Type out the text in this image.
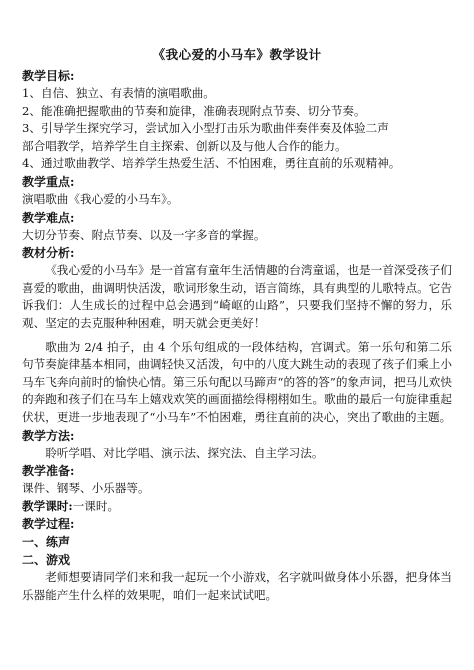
《我心爱的小马车》教学设计
教学目标:
1、自信、独立、有表情的演唱歌曲。
2、能准确把握歌曲的节奏和旋律，准确表现附点节奏、切分节奏。
3、引导学生探究学习，尝试加入小型打击乐为歌曲伴奏伴奏及体验二声
部合唱教学，培养学生自主探索、创新以及与他人合作的能力。
4、通过歌曲教学、培养学生热爱生活、不怕困难，勇往直前的乐观精神。
教学重点:
演唱歌曲《我心爱的小马车》。
教学难点:
大切分节奏、附点节奏、以及一字多音的掌握。
教材分析:
《我心爱的小马车》是一首富有童年生活情趣的台湾童谣，也是一首深受孩子们喜爱的歌曲，曲调明快活泼，歌词形象生动，语言简练，具有典型的儿歌特点。它告诉我们：人生成长的过程中总会遇到“崎岖的山路”，只要我们坚持不懈的努力，乐观、坚定的去克服种种困难，明天就会更美好！
歌曲为 2/4 拍子，由 4 个乐句组成的一段体结构，宫调式。第一乐句和第二乐句节奏旋律基本相同，曲调轻快又活泼，句中的八度大跳生动的表现了孩子们乘上小马车飞奔向前时的愉快心情。第三乐句配以马蹄声“的答的答”的象声词，把马儿欢快的奔跑和孩子们在马车上嬉戏欢笑的画面描绘得栩栩如生。歌曲的最后一句旋律重起伏状，更进一步地表现了“小马车”不怕困难，勇往直前的决心，突出了歌曲的主题。
教学方法:
聆听学唱、对比学唱、演示法、探究法、自主学习法。
教学准备:
课件、钢琴、小乐器等。
教学课时:一课时。
教学过程:
一、练声
二、游戏
老师想要请同学们来和我一起玩一个小游戏，名字就叫做身体小乐器，把身体当乐器能产生什么样的效果呢，咱们一起来试试吧。
